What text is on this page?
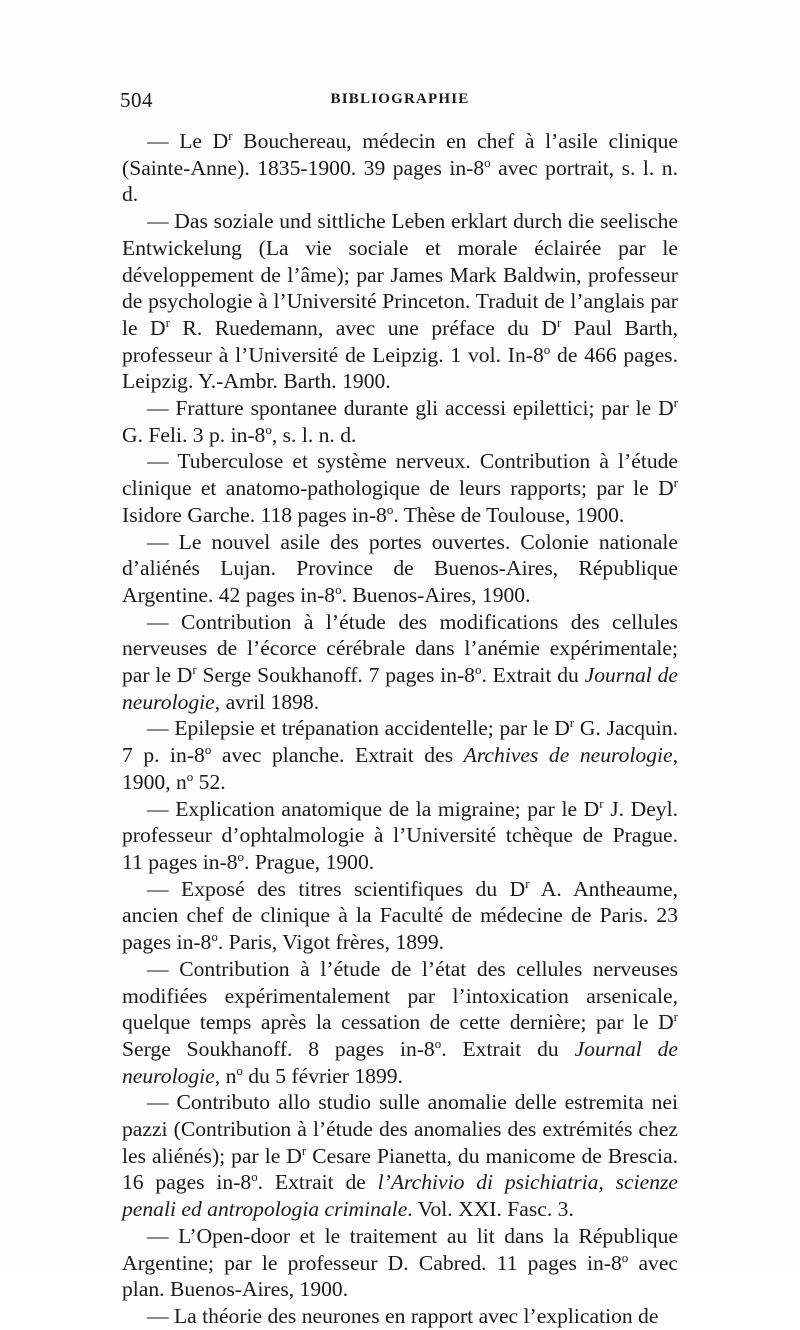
504	BIBLIOGRAPHIE

— Le $D^r$ Bouchereau, médecin en chef à l’asile clinique (Sainte-Anne). 1835-1900. 39 pages in-8$^o$ avec portrait, s. l. n. d.

— Das soziale und sittliche Leben erklart durch die seelische Entwickelung (La vie sociale et morale éclairée par le développement de l’âme); par James Mark Baldwin, professeur de psychologie à l’Université Princeton. Traduit de l’anglais par le $D^r$ R. Ruedemann, avec une préface du $D^r$ Paul Barth, professeur à l’Université de Leipzig. 1 vol. In-8$^o$ de 466 pages. Leipzig. Y.-Ambr. Barth. 1900.

— Fratture spontanee durante gli accessi epilettici; par le $D^r$ G. Feli. 3 p. in-8$^o$, s. l. n. d.

— Tuberculose et système nerveux. Contribution à l’étude clinique et anatomo-pathologique de leurs rapports; par le $D^r$ Isidore Garche. 118 pages in-8$^o$. Thèse de Toulouse, 1900.

— Le nouvel asile des portes ouvertes. Colonie nationale d’aliénés Lujan. Province de Buenos-Aires, République Argentine. 42 pages in-8$^o$. Buenos-Aires, 1900.

— Contribution à l’étude des modifications des cellules nerveuses de l’écorce cérébrale dans l’anémie expérimentale; par le $D^r$ Serge Soukhanoff. 7 pages in-8$^o$. Extrait du Journal de neurologie, avril 1898.

— Epilepsie et trépanation accidentelle; par le $D^r$ G. Jacquin. 7 p. in-8$^o$ avec planche. Extrait des Archives de neurologie, 1900, $n^o$ 52.

— Explication anatomique de la migraine; par le $D^r$ J. Deyl. professeur d’ophtalmologie à l’Université tchèque de Prague. 11 pages in-8$^o$. Prague, 1900.

— Exposé des titres scientifiques du $D^r$ A. Antheaume, ancien chef de clinique à la Faculté de médecine de Paris. 23 pages in-8$^o$. Paris, Vigot frères, 1899.

— Contribution à l’étude de l’état des cellules nerveuses modifiées expérimentalement par l’intoxication arsenicale, quelque temps après la cessation de cette dernière; par le $D^r$ Serge Soukhanoff. 8 pages in-8$^o$. Extrait du Journal de neurologie, $n^o$ du 5 février 1899.

— Contributo allo studio sulle anomalie delle estremita nei pazzi (Contribution à l’étude des anomalies des extrémités chez les aliénés); par le $D^r$ Cesare Pianetta, du manicome de Brescia. 16 pages in-8$^o$. Extrait de l’Archivio di psichiatria, scienze penali ed antropologia criminale. Vol. XXI. Fasc. 3.

— L’Open-door et le traitement au lit dans la République Argentine; par le professeur D. Cabred. 11 pages in-8$^o$ avec plan. Buenos-Aires, 1900.

— La théorie des neurones en rapport avec l’explication de
